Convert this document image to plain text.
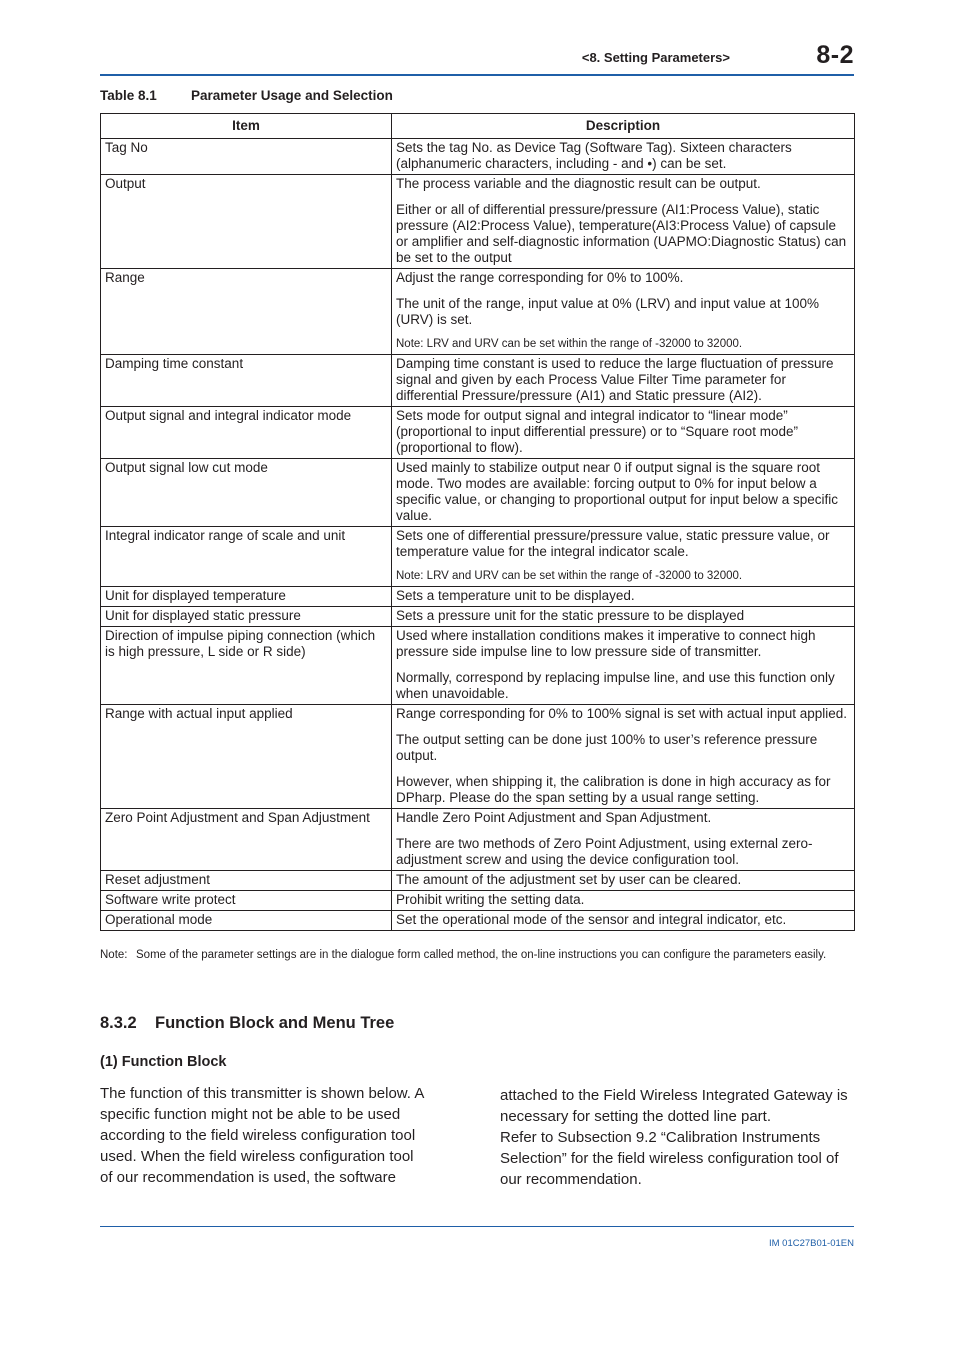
<8. Setting Parameters>	8-2
Table 8.1	Parameter Usage and Selection
Item	Description
Tag No	Sets the tag No. as Device Tag (Software Tag). Sixteen characters (alphanumeric characters, including - and •) can be set.

Output	The process variable and the diagnostic result can be output.

Either or all of differential pressure/pressure (AI1:Process Value), static pressure (AI2:Process Value), temperature(AI3:Process Value) of capsule or amplifier and self-diagnostic information (UAPMO:Diagnostic Status) can be set to the output

Range	Adjust the range corresponding for 0% to 100%.

The unit of the range, input value at 0% (LRV) and input value at 100% (URV) is set.

Note: LRV and URV can be set within the range of -32000 to 32000.

Damping time constant	Damping time constant is used to reduce the large fluctuation of pressure signal and given by each Process Value Filter Time parameter for differential Pressure/pressure (AI1) and Static pressure (AI2).

Output signal and integral indicator mode	Sets mode for output signal and integral indicator to “linear mode” (proportional to input differential pressure) or to “Square root mode” (proportional to flow).

Output signal low cut mode	Used mainly to stabilize output near 0 if output signal is the square root mode. Two modes are available: forcing output to 0% for input below a specific value, or changing to proportional output for input below a specific value.

Integral indicator range of scale and unit	Sets one of differential pressure/pressure value, static pressure value, or temperature value for the integral indicator scale.

Note: LRV and URV can be set within the range of -32000 to 32000.

Unit for displayed temperature	Sets a temperature unit to be displayed.

Unit for displayed static pressure	Sets a pressure unit for the static pressure to be displayed

Direction of impulse piping connection (which is high pressure, L side or R side)	Used where installation conditions makes it imperative to connect high pressure side impulse line to low pressure side of transmitter.

Normally, correspond by replacing impulse line, and use this function only when unavoidable.

Range with actual input applied	Range corresponding for 0% to 100% signal is set with actual input applied.

The output setting can be done just 100% to user’s reference pressure output.

However, when shipping it, the calibration is done in high accuracy as for DPharp. Please do the span setting by a usual range setting.

Zero Point Adjustment and Span Adjustment	Handle Zero Point Adjustment and Span Adjustment.

There are two methods of Zero Point Adjustment, using external zero-adjustment screw and using the device configuration tool.

Reset adjustment	The amount of the adjustment set by user can be cleared.

Software write protect	Prohibit writing the setting data.

Operational mode	Set the operational mode of the sensor and integral indicator, etc.

Note: Some of the parameter settings are in the dialogue form called method, the on-line instructions you can configure the parameters easily.
8.3.2 Function Block and Menu Tree
(1) Function Block

The function of this transmitter is shown below. A specific function might not be able to be used according to the field wireless configuration tool used. When the field wireless configuration tool of our recommendation is used, the software

attached to the Field Wireless Integrated Gateway is necessary for setting the dotted line part.

Refer to Subsection 9.2 “Calibration Instruments Selection” for the field wireless configuration tool of our recommendation.

IM 01C27B01-01EN
